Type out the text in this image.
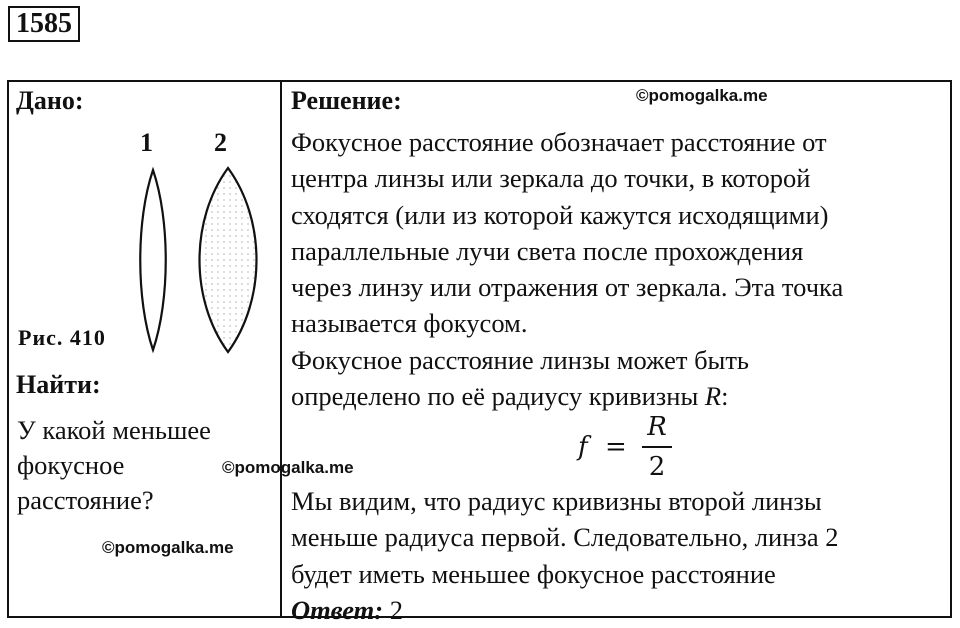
1585
Дано:
1 2
Рис. 410
Найти:
У какой меньшее
фокусное
расстояние?
Решение:

Фокусное расстояние обозначает расстояние от

центра линзы или зеркала до точки, в которой

сходятся (или из которой кажутся исходящими)

параллельные лучи света после прохождения

через линзу или отражения от зеркала. Эта точка

называется фокусом.

Фокусное расстояние линзы может быть

определено по её радиусу кривизны R:

f =
R
2

Мы видим, что радиус кривизны второй линзы

меньше радиуса первой. Следовательно, линза 2

будет иметь меньшее фокусное расстояние

Ответ: 2

©pomogalka.me
©pomogalka.me
©pomogalka.me
